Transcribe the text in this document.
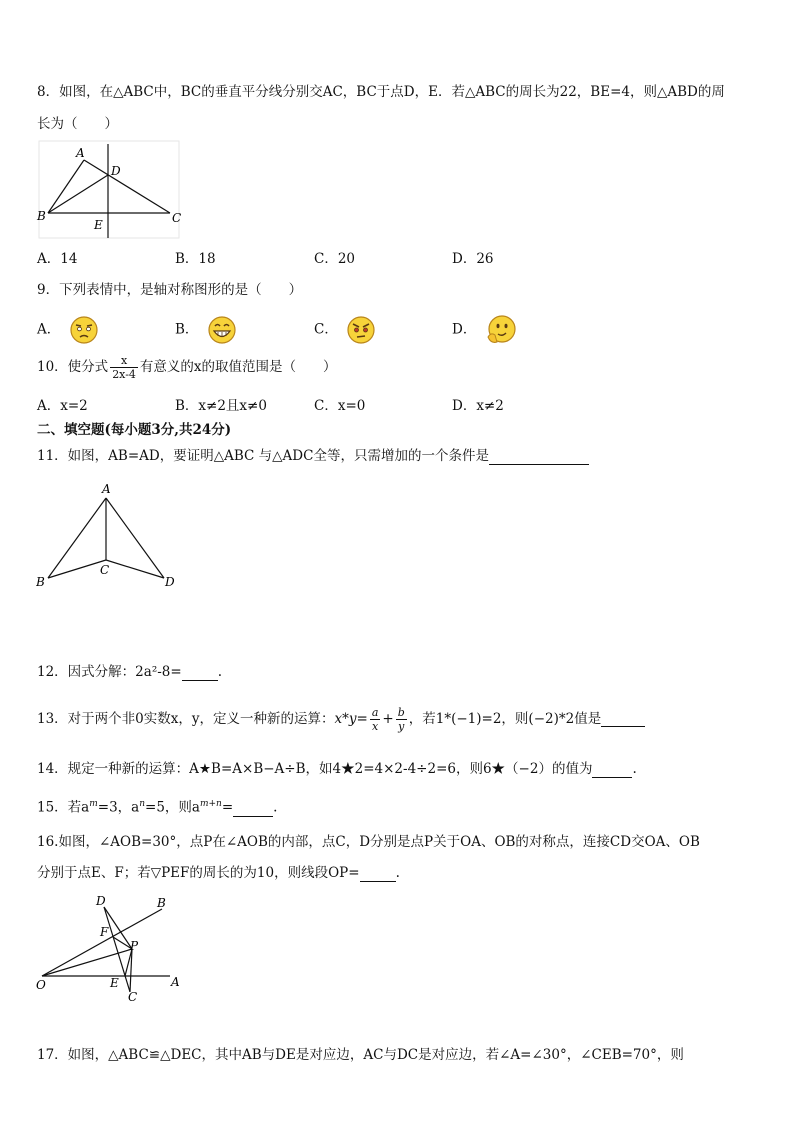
8．如图，在△ABC中，BC的垂直平分线分别交AC，BC于点D，E．若△ABC的周长为22，BE=4，则△ABD的周
长为（　　）
A
D
B
E	C
A．14	B．18	C．20	D．26
9．下列表情中，是轴对称图形的是（　　）
A．	B．	C．	D．
10．使分式 $\frac{x}{2x-4}$ 有意义的x的取值范围是（　　）
A．x=2	B．x≠2且x≠0	C．x=0	D．x≠2
二、填空题(每小题3分,共24分)
11．如图，AB=AD，要证明△ABC 与△ADC全等，只需增加的一个条件是
A
B
C
D
12．因式分解：2a²-8=	.
13．对于两个非0实数x，y，定义一种新的运算：$x*y= \frac{a}{x} + \frac{b}{y}$ ，若1*(−1)=2，则(−2)*2值是
14．规定一种新的运算：A★B=A×B−A÷B，如4★2=4×2-4÷2=6，则6★（−2）的值为	.
15．若$a^m=3$，$a^n=5$，则$a^{m+n}=$	.
16.如图，∠AOB=30°，点P在∠AOB的内部，点C，D分别是点P关于OA、OB的对称点，连接CD交OA、OB
分别于点E、F；若▽PEF的周长的为10，则线段OP=	.
D	B
F
P
O	E	A
C
17．如图，△ABC≌△DEC，其中AB与DE是对应边，AC与DC是对应边，若∠A=∠30°，∠CEB=70°，则
